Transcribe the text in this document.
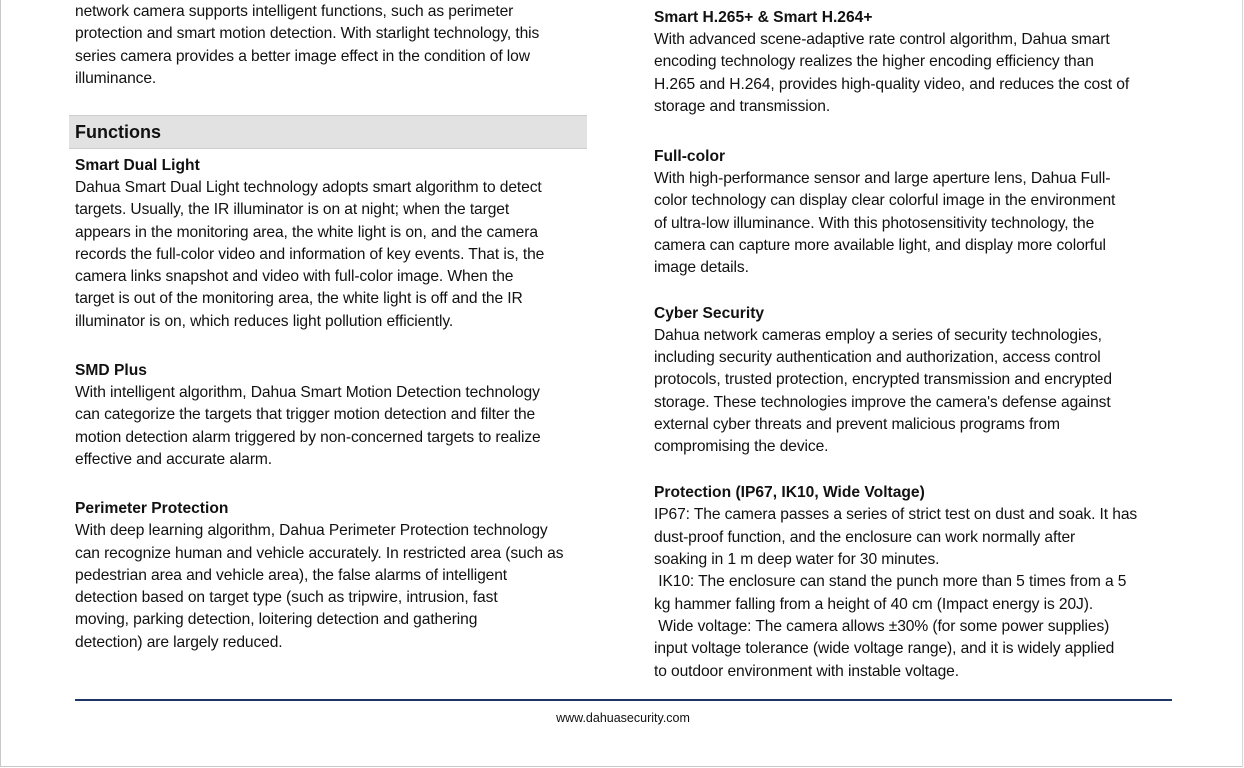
network camera supports intelligent functions, such as perimeter

protection and smart motion detection. With starlight technology, this

series camera provides a better image effect in the condition of low

illuminance.

Functions

Smart Dual Light

Dahua Smart Dual Light technology adopts smart algorithm to detect

targets. Usually, the IR illuminator is on at night; when the target

appears in the monitoring area, the white light is on, and the camera

records the full-color video and information of key events. That is, the

camera links snapshot and video with full-color image. When the

target is out of the monitoring area, the white light is off and the IR

illuminator is on, which reduces light pollution efficiently.

SMD Plus

With intelligent algorithm, Dahua Smart Motion Detection technology

can categorize the targets that trigger motion detection and filter the

motion detection alarm triggered by non-concerned targets to realize

effective and accurate alarm.

Perimeter Protection

With deep learning algorithm, Dahua Perimeter Protection technology

can recognize human and vehicle accurately. In restricted area (such as

pedestrian area and vehicle area), the false alarms of intelligent

detection based on target type (such as tripwire, intrusion, fast

moving, parking detection, loitering detection and gathering

detection) are largely reduced.

Smart H.265+ & Smart H.264+

With advanced scene-adaptive rate control algorithm, Dahua smart

encoding technology realizes the higher encoding efficiency than

H.265 and H.264, provides high-quality video, and reduces the cost of

storage and transmission.

Full-color

With high-performance sensor and large aperture lens, Dahua Full-

color technology can display clear colorful image in the environment

of ultra-low illuminance. With this photosensitivity technology, the

camera can capture more available light, and display more colorful

image details.

Cyber Security

Dahua network cameras employ a series of security technologies,

including security authentication and authorization, access control

protocols, trusted protection, encrypted transmission and encrypted

storage. These technologies improve the camera's defense against

external cyber threats and prevent malicious programs from

compromising the device.

Protection (IP67, IK10, Wide Voltage)

IP67: The camera passes a series of strict test on dust and soak. It has

dust-proof function, and the enclosure can work normally after

soaking in 1 m deep water for 30 minutes.

IK10: The enclosure can stand the punch more than 5 times from a 5

kg hammer falling from a height of 40 cm (Impact energy is 20J).

Wide voltage: The camera allows ±30% (for some power supplies)

input voltage tolerance (wide voltage range), and it is widely applied

to outdoor environment with instable voltage.

www.dahuasecurity.com
